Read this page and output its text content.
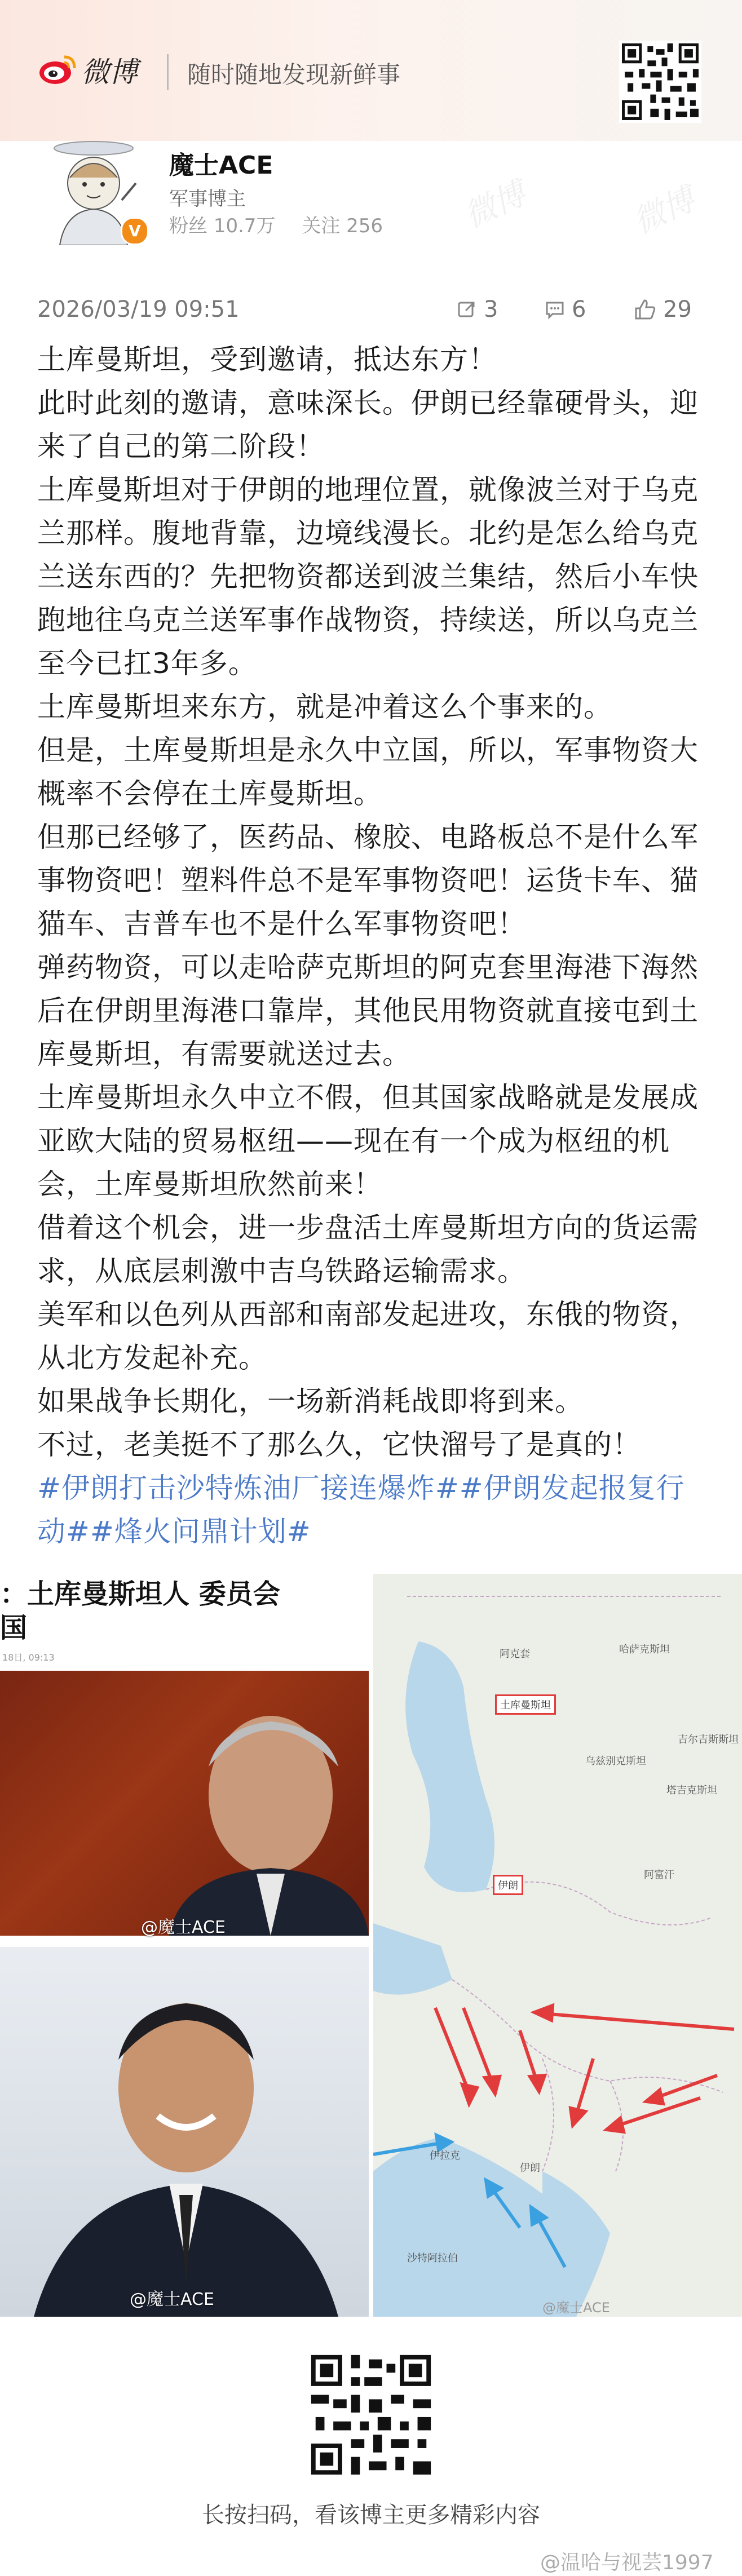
微博 随时随地发现新鲜事
V
魔士ACE
军事博主
粉丝 10.7万 关注 256	微博	微博
2026/03/19 09:51	3	6	29

土库曼斯坦，受到邀请，抵达东方！

此时此刻的邀请，意味深长。伊朗已经靠硬骨头，迎来了自己的第二阶段！

土库曼斯坦对于伊朗的地理位置，就像波兰对于乌克兰那样。腹地背靠，边境线漫长。北约是怎么给乌克兰送东西的？先把物资都送到波兰集结，然后小车快跑地往乌克兰送军事作战物资，持续送，所以乌克兰至今已扛3年多。

土库曼斯坦来东方，就是冲着这么个事来的。

但是，土库曼斯坦是永久中立国，所以，军事物资大概率不会停在土库曼斯坦。

但那已经够了，医药品、橡胶、电路板总不是什么军事物资吧！塑料件总不是军事物资吧！运货卡车、猫猫车、吉普车也不是什么军事物资吧！

弹药物资，可以走哈萨克斯坦的阿克套里海港下海然后在伊朗里海港口靠岸，其他民用物资就直接屯到土库曼斯坦，有需要就送过去。

土库曼斯坦永久中立不假，但其国家战略就是发展成亚欧大陆的贸易枢纽——现在有一个成为枢纽的机会，土库曼斯坦欣然前来！

借着这个机会，进一步盘活土库曼斯坦方向的货运需求，从底层刺激中吉乌铁路运输需求。

美军和以色列从西部和南部发起进攻，东俄的物资，从北方发起补充。

如果战争长期化，一场新消耗战即将到来。

不过，老美挺不了那么久，它快溜号了是真的！

#伊朗打击沙特炼油厂接连爆炸##伊朗发起报复行动##烽火问鼎计划#

：土库曼斯坦人 委员会
国
18日, 09:13
@魔士ACE
@魔士ACE
土库曼斯坦
伊朗
阿克套	哈萨克斯坦
乌兹别克斯坦
吉尔吉斯斯坦
塔吉克斯坦
阿富汗
伊拉克
伊朗
沙特阿拉伯
@魔士ACE
长按扫码，看该博主更多精彩内容
@温哈与视芸1997
